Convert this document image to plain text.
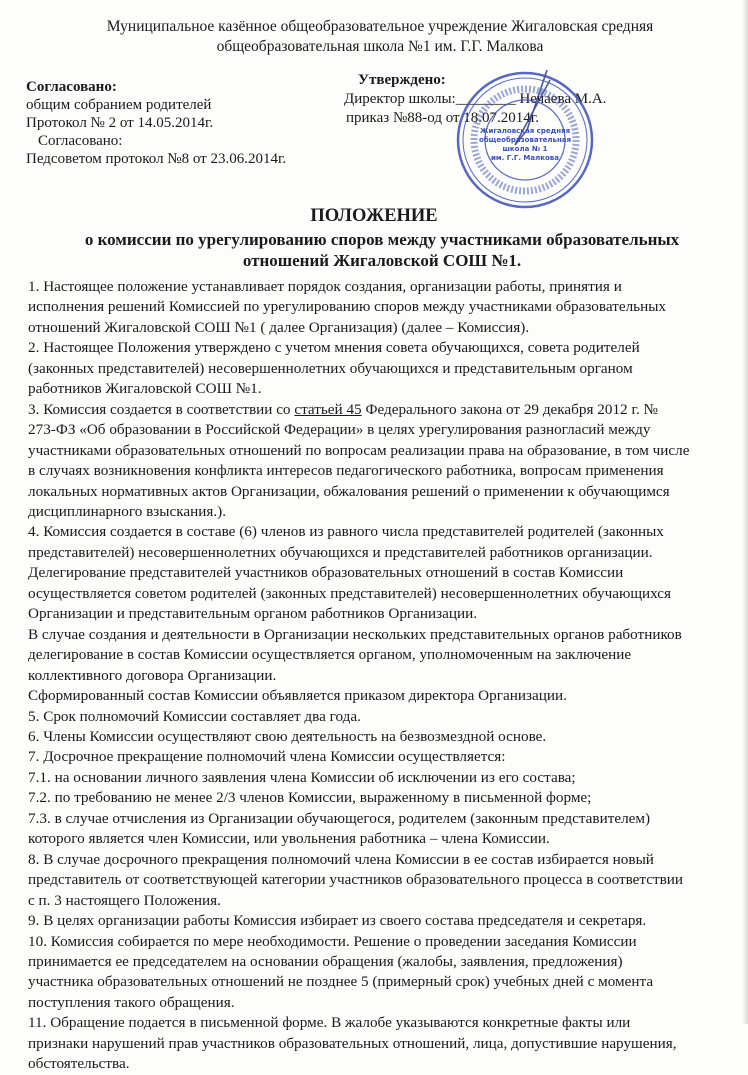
Муниципальное казённое общеобразовательное учреждение Жигаловская средняя
общеобразовательная школа №1 им. Г.Г. Малкова
Согласовано:
общим собранием родителей
Протокол № 2 от 14.05.2014г.
Согласовано:
Педсоветом протокол №8 от 23.06.2014г.
Утверждено:
Директор школы:________ Нечаева М.А.
приказ №88-од от 18.07.2014г.
Жигаловская средняя
общеобразовательная
школа № 1
им. Г.Г. Малкова
ПОЛОЖЕНИЕ
о комиссии по урегулированию споров между участниками образовательных
отношений Жигаловской СОШ №1.
1. Настоящее положение устанавливает порядок создания, организации работы, принятия и
исполнения решений Комиссией по урегулированию споров между участниками образовательных
отношений Жигаловской СОШ №1 ( далее Организация) (далее – Комиссия).
2. Настоящее Положения утверждено с учетом мнения совета обучающихся, совета родителей
(законных представителей) несовершеннолетних обучающихся и представительным органом
работников Жигаловской СОШ №1.
3. Комиссия создается в соответствии со статьей 45 Федерального закона от 29 декабря 2012 г. №
273-ФЗ «Об образовании в Российской Федерации» в целях урегулирования разногласий между
участниками образовательных отношений по вопросам реализации права на образование, в том числе
в случаях возникновения конфликта интересов педагогического работника, вопросам применения
локальных нормативных актов Организации, обжалования решений о применении к обучающимся
дисциплинарного взыскания.).
4. Комиссия создается в составе (6) членов из равного числа представителей родителей (законных
представителей) несовершеннолетних обучающихся и представителей работников организации.
Делегирование представителей участников образовательных отношений в состав Комиссии
осуществляется советом родителей (законных представителей) несовершеннолетних обучающихся
Организации и представительным органом работников Организации.
В случае создания и деятельности в Организации нескольких представительных органов работников
делегирование в состав Комиссии осуществляется органом, уполномоченным на заключение
коллективного договора Организации.
Сформированный состав Комиссии объявляется приказом директора Организации.
5. Срок полномочий Комиссии составляет два года.
6. Члены Комиссии осуществляют свою деятельность на безвозмездной основе.
7. Досрочное прекращение полномочий члена Комиссии осуществляется:
7.1. на основании личного заявления члена Комиссии об исключении из его состава;
7.2. по требованию не менее 2/3 членов Комиссии, выраженному в письменной форме;
7.3. в случае отчисления из Организации обучающегося, родителем (законным представителем)
которого является член Комиссии, или увольнения работника – члена Комиссии.
8. В случае досрочного прекращения полномочий члена Комиссии в ее состав избирается новый
представитель от соответствующей категории участников образовательного процесса в соответствии
с п. 3 настоящего Положения.
9. В целях организации работы Комиссия избирает из своего состава председателя и секретаря.
10. Комиссия собирается по мере необходимости. Решение о проведении заседания Комиссии
принимается ее председателем на основании обращения (жалобы, заявления, предложения)
участника образовательных отношений не позднее 5 (примерный срок) учебных дней с момента
поступления такого обращения.
11. Обращение подается в письменной форме. В жалобе указываются конкретные факты или
признаки нарушений прав участников образовательных отношений, лица, допустившие нарушения,
обстоятельства.
